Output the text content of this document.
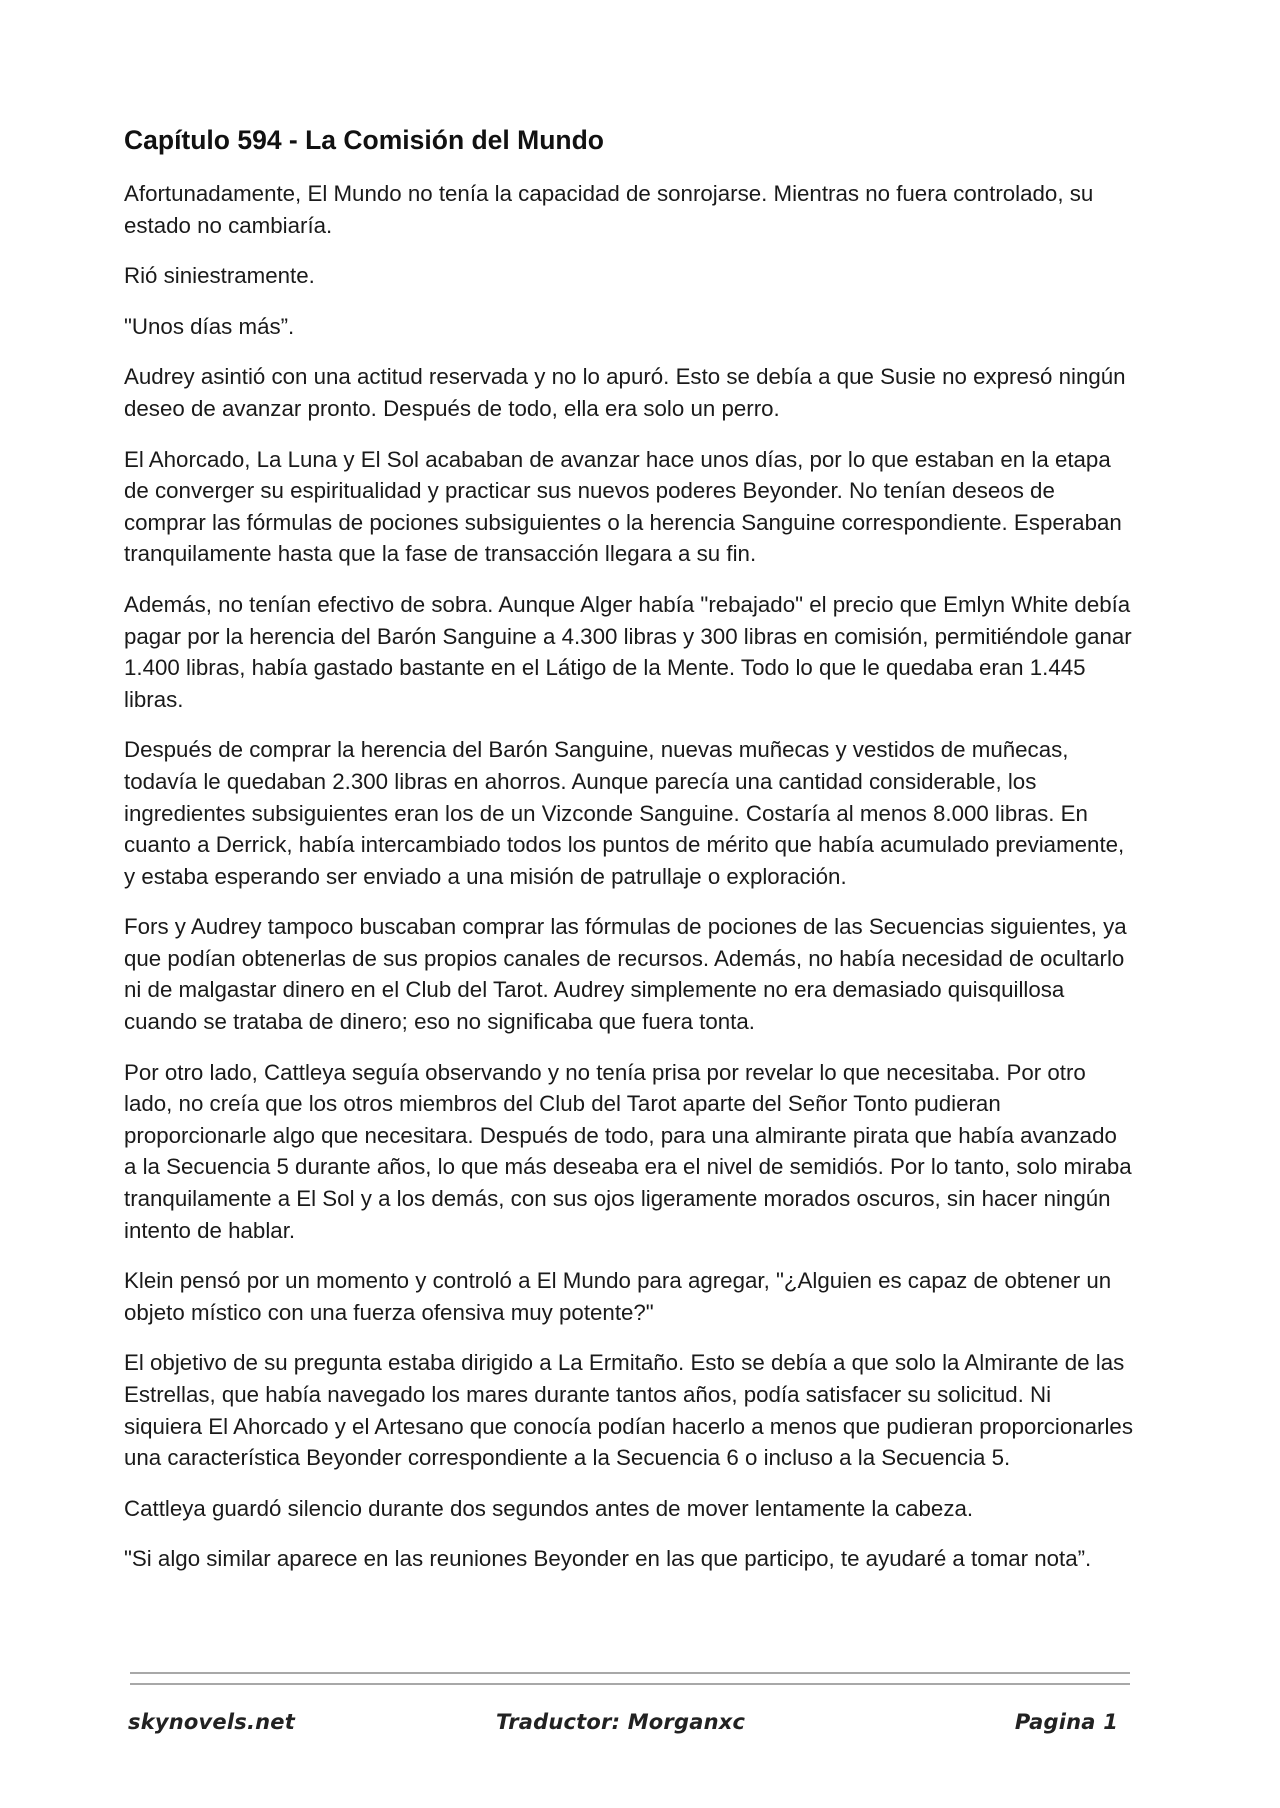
Capítulo 594 - La Comisión del Mundo

Afortunadamente, El Mundo no tenía la capacidad de sonrojarse. Mientras no fuera controlado, su estado no cambiaría.

Rió siniestramente.

"Unos días más”.

Audrey asintió con una actitud reservada y no lo apuró. Esto se debía a que Susie no expresó ningún deseo de avanzar pronto. Después de todo, ella era solo un perro.

El Ahorcado, La Luna y El Sol acababan de avanzar hace unos días, por lo que estaban en la etapa de converger su espiritualidad y practicar sus nuevos poderes Beyonder. No tenían deseos de comprar las fórmulas de pociones subsiguientes o la herencia Sanguine correspondiente. Esperaban tranquilamente hasta que la fase de transacción llegara a su fin.

Además, no tenían efectivo de sobra. Aunque Alger había "rebajado" el precio que Emlyn White debía pagar por la herencia del Barón Sanguine a 4.300 libras y 300 libras en comisión, permitiéndole ganar 1.400 libras, había gastado bastante en el Látigo de la Mente. Todo lo que le quedaba eran 1.445 libras.

Después de comprar la herencia del Barón Sanguine, nuevas muñecas y vestidos de muñecas, todavía le quedaban 2.300 libras en ahorros. Aunque parecía una cantidad considerable, los ingredientes subsiguientes eran los de un Vizconde Sanguine. Costaría al menos 8.000 libras. En cuanto a Derrick, había intercambiado todos los puntos de mérito que había acumulado previamente, y estaba esperando ser enviado a una misión de patrullaje o exploración.

Fors y Audrey tampoco buscaban comprar las fórmulas de pociones de las Secuencias siguientes, ya que podían obtenerlas de sus propios canales de recursos. Además, no había necesidad de ocultarlo ni de malgastar dinero en el Club del Tarot. Audrey simplemente no era demasiado quisquillosa cuando se trataba de dinero; eso no significaba que fuera tonta.

Por otro lado, Cattleya seguía observando y no tenía prisa por revelar lo que necesitaba. Por otro lado, no creía que los otros miembros del Club del Tarot aparte del Señor Tonto pudieran proporcionarle algo que necesitara. Después de todo, para una almirante pirata que había avanzado a la Secuencia 5 durante años, lo que más deseaba era el nivel de semidiós. Por lo tanto, solo miraba tranquilamente a El Sol y a los demás, con sus ojos ligeramente morados oscuros, sin hacer ningún intento de hablar.

Klein pensó por un momento y controló a El Mundo para agregar, "¿Alguien es capaz de obtener un objeto místico con una fuerza ofensiva muy potente?"

El objetivo de su pregunta estaba dirigido a La Ermitaño. Esto se debía a que solo la Almirante de las Estrellas, que había navegado los mares durante tantos años, podía satisfacer su solicitud. Ni siquiera El Ahorcado y el Artesano que conocía podían hacerlo a menos que pudieran proporcionarles una característica Beyonder correspondiente a la Secuencia 6 o incluso a la Secuencia 5.

Cattleya guardó silencio durante dos segundos antes de mover lentamente la cabeza.

"Si algo similar aparece en las reuniones Beyonder en las que participo, te ayudaré a tomar nota”.

skynovels.net	Traductor: Morganxc	Pagina 1
